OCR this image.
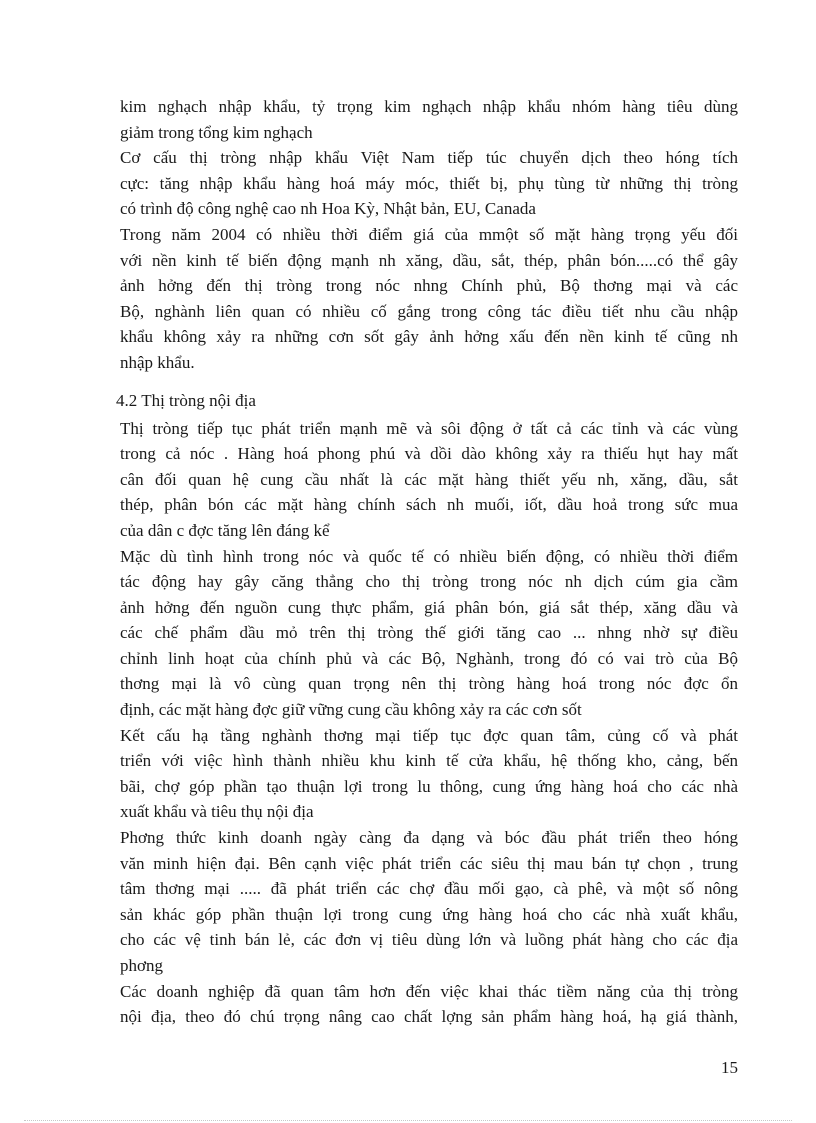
kim nghạch nhập khẩu, tỷ trọng kim nghạch nhập khẩu nhóm hàng tiêu dùng
giảm trong tổng kim nghạch
Cơ cấu thị tròng nhập khẩu Việt Nam tiếp túc chuyển dịch theo hóng tích
cực: tăng nhập khẩu hàng hoá máy móc, thiết bị, phụ tùng từ những thị tròng
có trình độ công nghệ cao nh Hoa Kỳ, Nhật bản, EU, Canada
Trong năm 2004 có nhiều thời điểm giá của mmột số mặt hàng trọng yếu đối
với nền kinh tế biến động mạnh nh xăng, dầu, sắt, thép, phân bón.....có thể gây
ảnh hởng đến thị tròng trong nóc nhng Chính phủ, Bộ thơng mại và các
Bộ, nghành liên quan có nhiều cố gắng trong công tác điều tiết nhu cầu nhập
khẩu không xảy ra những cơn sốt gây ảnh hởng xấu đến nền kinh tế cũng nh
nhập khẩu.
4.2 Thị tròng nội địa
Thị tròng tiếp tục phát triển mạnh mẽ và sôi động ở tất cả các tỉnh và các vùng
trong cả nóc . Hàng hoá phong phú và dồi dào không xảy ra thiếu hụt hay mất
cân đối quan hệ cung cầu nhất là các mặt hàng thiết yếu nh, xăng, dầu, sắt
thép, phân bón các mặt hàng chính sách nh muối, iốt, dầu hoả trong sức mua
của dân c đợc tăng lên đáng kể
Mặc dù tình hình trong nóc và quốc tế có nhiều biến động, có nhiều thời điểm
tác động hay gây căng thẳng cho thị tròng trong nóc nh dịch cúm gia cầm
ảnh hởng đến nguồn cung thực phẩm, giá phân bón, giá sắt thép, xăng dầu và
các chế phẩm dầu mỏ trên thị tròng thế giới tăng cao ... nhng nhờ sự điều
chỉnh linh hoạt của chính phủ và các Bộ, Nghành, trong đó có vai trò của Bộ
thơng mại là vô cùng quan trọng nên thị tròng hàng hoá trong nóc đợc ổn
định, các mặt hàng đợc giữ vững cung cầu không xảy ra các cơn sốt
Kết cấu hạ tầng nghành thơng mại tiếp tục đợc quan tâm, củng cố và phát
triển với việc hình thành nhiều khu kinh tế cửa khẩu, hệ thống kho, cảng, bến
bãi, chợ góp phần tạo thuận lợi trong lu thông, cung ứng hàng hoá cho các nhà
xuất khẩu và tiêu thụ nội địa
Phơng thức kinh doanh ngày càng đa dạng và bóc đầu phát triển theo hóng
văn minh hiện đại. Bên cạnh việc phát triển các siêu thị mau bán tự chọn , trung
tâm thơng mại ..... đã phát triển các chợ đầu mối gạo, cà phê, và một số nông
sản khác góp phần thuận lợi trong cung ứng hàng hoá cho các nhà xuất khẩu,
cho các vệ tinh bán lẻ, các đơn vị tiêu dùng lớn và luồng phát hàng cho các địa
phơng
Các doanh nghiệp đã quan tâm hơn đến việc khai thác tiềm năng của thị tròng
nội địa, theo đó chú trọng nâng cao chất lợng sản phẩm hàng hoá, hạ giá thành,
15
